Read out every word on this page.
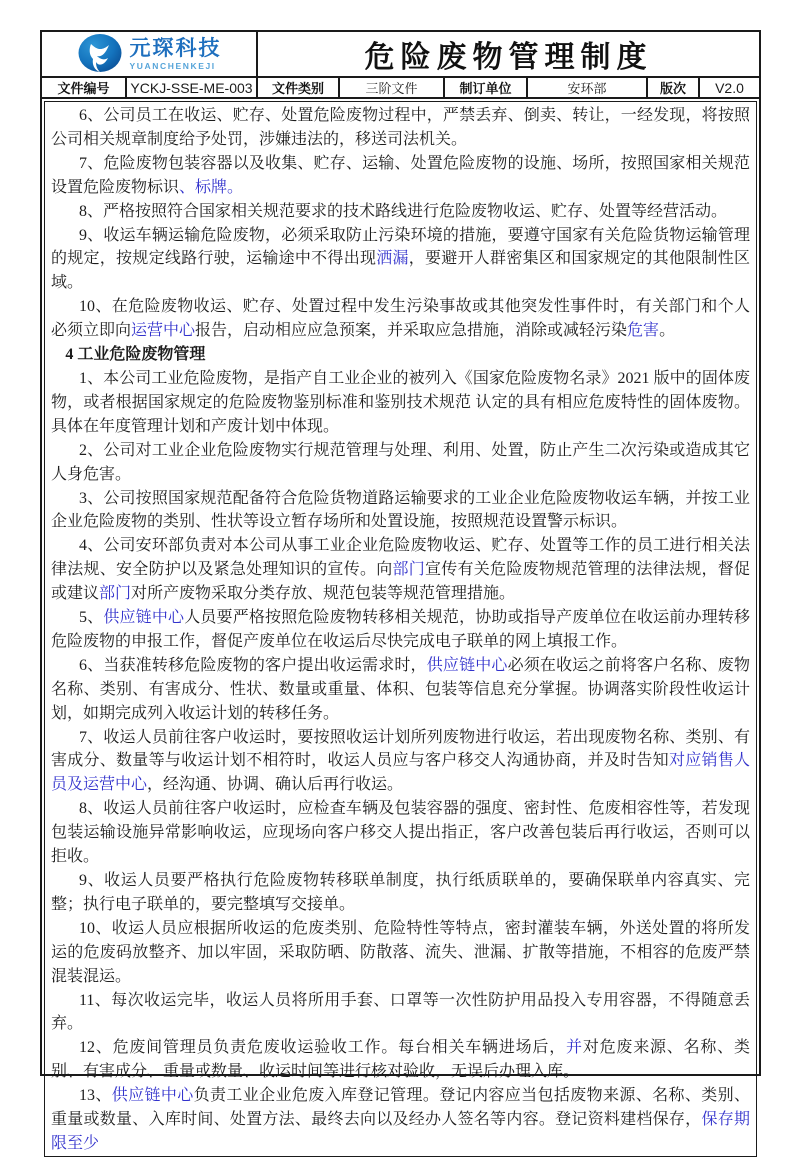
元琛科技
YUANCHENKEJI	危险废物管理制度
文件编号	YCKJ-SSE-ME-003	文件类别	三阶文件	制订单位	安环部	版次	V2.0

6、公司员工在收运、贮存、处置危险废物过程中，严禁丢弃、倒卖、转让，一经发现，将按照公司相关规章制度给予处罚，涉嫌违法的，移送司法机关。

7、危险废物包装容器以及收集、贮存、运输、处置危险废物的设施、场所，按照国家相关规范设置危险废物标识、标牌。

8、严格按照符合国家相关规范要求的技术路线进行危险废物收运、贮存、处置等经营活动。

9、收运车辆运输危险废物，必须采取防止污染环境的措施，要遵守国家有关危险货物运输管理的规定，按规定线路行驶，运输途中不得出现洒漏，要避开人群密集区和国家规定的其他限制性区域。

10、在危险废物收运、贮存、处置过程中发生污染事故或其他突发性事件时，有关部门和个人必须立即向运营中心报告，启动相应应急预案，并采取应急措施，消除或减轻污染危害。

4 工业危险废物管理

1、本公司工业危险废物，是指产自工业企业的被列入《国家危险废物名录》2021 版中的固体废物，或者根据国家规定的危险废物鉴别标准和鉴别技术规范 认定的具有相应危废特性的固体废物。具体在年度管理计划和产废计划中体现。

2、公司对工业企业危险废物实行规范管理与处理、利用、处置，防止产生二次污染或造成其它人身危害。

3、公司按照国家规范配备符合危险货物道路运输要求的工业企业危险废物收运车辆，并按工业企业危险废物的类别、性状等设立暂存场所和处置设施，按照规范设置警示标识。

4、公司安环部负责对本公司从事工业企业危险废物收运、贮存、处置等工作的员工进行相关法律法规、安全防护以及紧急处理知识的宣传。向部门宣传有关危险废物规范管理的法律法规，督促或建议部门对所产废物采取分类存放、规范包装等规范管理措施。

5、供应链中心人员要严格按照危险废物转移相关规范，协助或指导产废单位在收运前办理转移危险废物的申报工作，督促产废单位在收运后尽快完成电子联单的网上填报工作。

6、当获准转移危险废物的客户提出收运需求时，供应链中心必须在收运之前将客户名称、废物名称、类别、有害成分、性状、数量或重量、体积、包装等信息充分掌握。协调落实阶段性收运计划，如期完成列入收运计划的转移任务。

7、收运人员前往客户收运时，要按照收运计划所列废物进行收运，若出现废物名称、类别、有害成分、数量等与收运计划不相符时，收运人员应与客户移交人沟通协商，并及时告知对应销售人员及运营中心，经沟通、协调、确认后再行收运。

8、收运人员前往客户收运时，应检查车辆及包装容器的强度、密封性、危废相容性等，若发现包装运输设施异常影响收运，应现场向客户移交人提出指正，客户改善包装后再行收运，否则可以拒收。

9、收运人员要严格执行危险废物转移联单制度，执行纸质联单的，要确保联单内容真实、完整；执行电子联单的，要完整填写交接单。

10、收运人员应根据所收运的危废类别、危险特性等特点，密封灌装车辆，外送处置的将所发运的危废码放整齐、加以牢固，采取防晒、防散落、流失、泄漏、扩散等措施，不相容的危废严禁混装混运。

11、每次收运完毕，收运人员将所用手套、口罩等一次性防护用品投入专用容器，不得随意丢弃。

12、危废间管理员负责危废收运验收工作。每台相关车辆进场后，并对危废来源、名称、类别、有害成分、重量或数量、收运时间等进行核对验收，无误后办理入库。

13、供应链中心负责工业企业危废入库登记管理。登记内容应当包括废物来源、名称、类别、重量或数量、入库时间、处置方法、最终去向以及经办人签名等内容。登记资料建档保存，保存期限至少
